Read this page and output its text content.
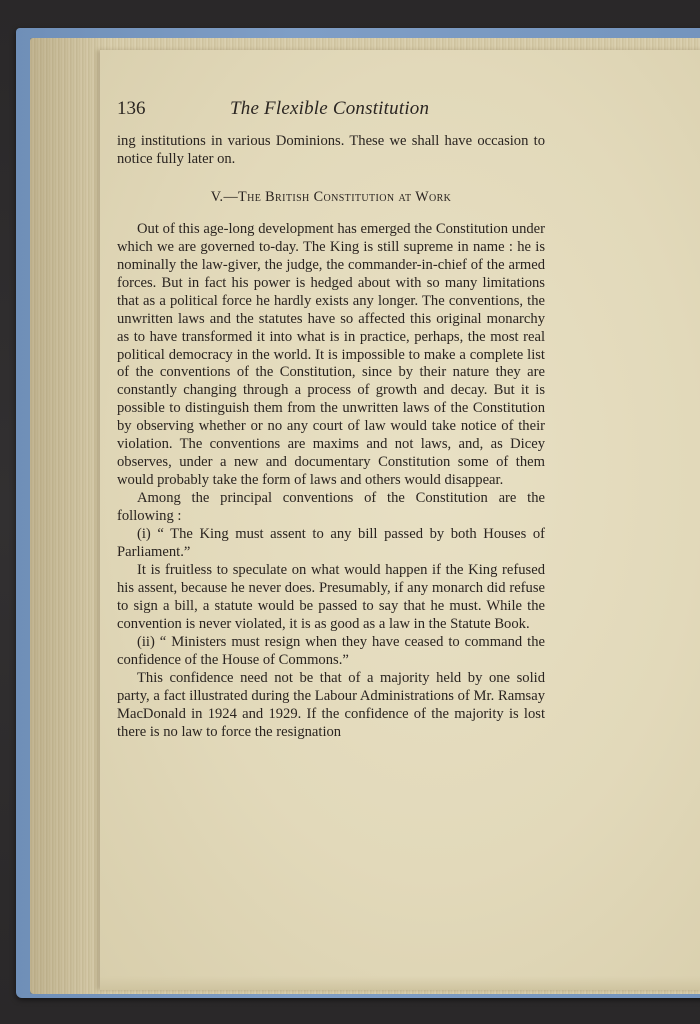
136	The Flexible Constitution

ing institutions in various Dominions. These we shall have occasion to notice fully later on.

V.—The British Constitution at Work

Out of this age-long development has emerged the Constitution under which we are governed to-day. The King is still supreme in name : he is nominally the law-giver, the judge, the commander-in-chief of the armed forces. But in fact his power is hedged about with so many limitations that as a political force he hardly exists any longer. The conventions, the unwritten laws and the statutes have so affected this original monarchy as to have transformed it into what is in practice, perhaps, the most real political democracy in the world. It is impossible to make a complete list of the conventions of the Constitution, since by their nature they are constantly changing through a process of growth and decay. But it is possible to distinguish them from the unwritten laws of the Constitution by observing whether or no any court of law would take notice of their violation. The conventions are maxims and not laws, and, as Dicey observes, under a new and documentary Constitution some of them would probably take the form of laws and others would disappear.

Among the principal conventions of the Constitution are the following :

(i) “ The King must assent to any bill passed by both Houses of Parliament.”

It is fruitless to speculate on what would happen if the King refused his assent, because he never does. Presumably, if any monarch did refuse to sign a bill, a statute would be passed to say that he must. While the convention is never violated, it is as good as a law in the Statute Book.

(ii) “ Ministers must resign when they have ceased to command the confidence of the House of Commons.”

This confidence need not be that of a majority held by one solid party, a fact illustrated during the Labour Administrations of Mr. Ramsay MacDonald in 1924 and 1929. If the confidence of the majority is lost there is no law to force the resignation
